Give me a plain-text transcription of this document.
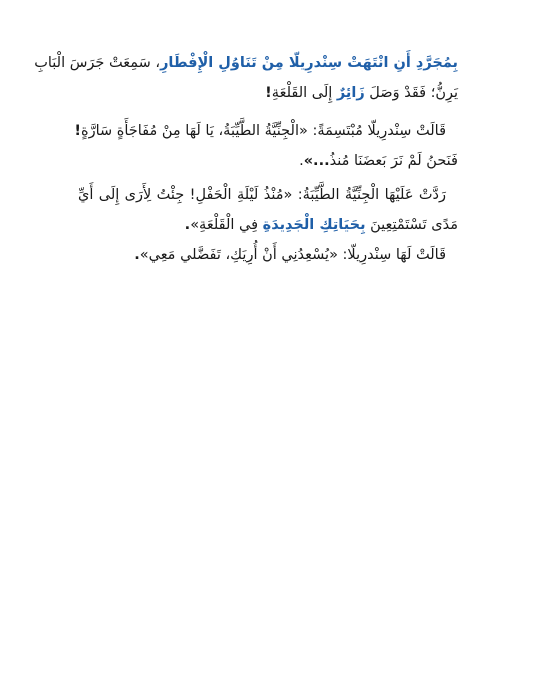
بِمُجَرَّدِ أَنِ انْتَهَتْ سِنْدرِيلّا مِنْ تَنَاوُلِ الْإِفْطَارِ، سَمِعَتْ جَرَسَ الْبَابِ
يَرِنُّ؛ فَقَدْ وَصَلَ زَائِرٌ إِلَى القَلْعَةِ!

قَالَتْ سِنْدرِيلّا مُبْتَسِمَةً: «الْجِنِّيَّةُ الطَّيِّبَةُ، يَا لَهَا مِنْ مُفَاجَأَةٍ سَارَّةٍ!
فَنَحنُ لَمْ نَرَ بَعضَنَا مُنذُ...».

رَدَّتْ عَلَيْهَا الْجِنِّيَّةُ الطَّيِّبَةُ: «مُنْذُ لَيْلَةِ الْحَفْلِ! جِئْتُ لِأَرَى إِلَى أَيِّ
مَدًى تَسْتَمْتِعِينَ بِحَيَاتِكِ الْجَدِيدَةِ فِي الْقَلْعَةِ».

قَالَتْ لَهَا سِنْدرِيلّا: «يُسْعِدُنِي أَنْ أُرِيَكِ، تَفَضَّلي مَعِي».
